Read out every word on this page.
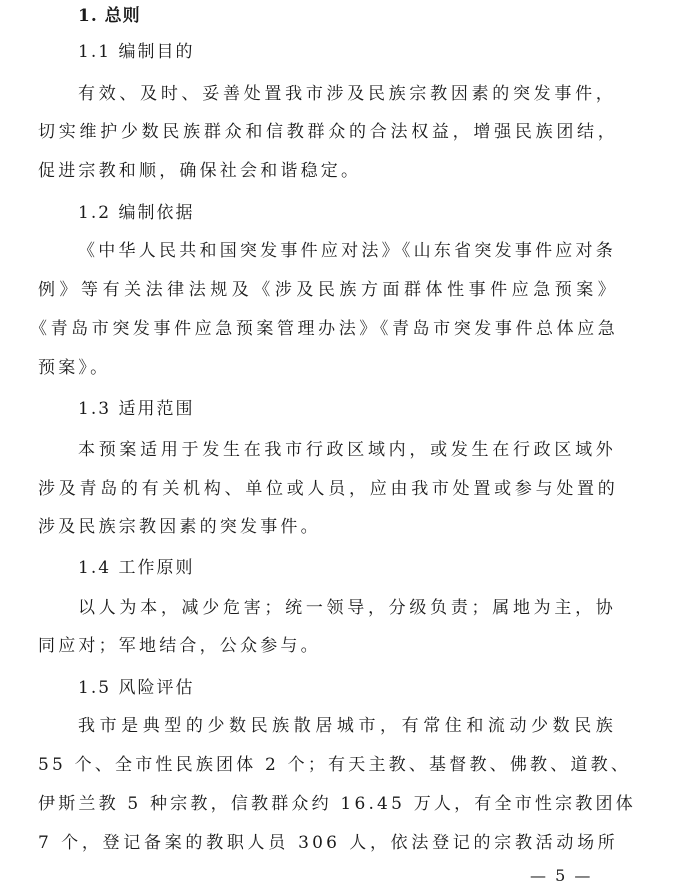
1. 总则
1.1 编制目的
有效、及时、妥善处置我市涉及民族宗教因素的突发事件，
切实维护少数民族群众和信教群众的合法权益，增强民族团结，
促进宗教和顺，确保社会和谐稳定。
1.2 编制依据
《中华人民共和国突发事件应对法》《山东省突发事件应对条
例》等有关法律法规及《涉及民族方面群体性事件应急预案》
《青岛市突发事件应急预案管理办法》《青岛市突发事件总体应急
预案》。
1.3 适用范围
本预案适用于发生在我市行政区域内，或发生在行政区域外
涉及青岛的有关机构、单位或人员，应由我市处置或参与处置的
涉及民族宗教因素的突发事件。
1.4 工作原则
以人为本，减少危害；统一领导，分级负责；属地为主，协
同应对；军地结合，公众参与。
1.5 风险评估
我市是典型的少数民族散居城市，有常住和流动少数民族
55 个、全市性民族团体 2 个；有天主教、基督教、佛教、道教、
伊斯兰教 5 种宗教，信教群众约 16.45 万人，有全市性宗教团体
7 个，登记备案的教职人员 306 人，依法登记的宗教活动场所
— 5 —
